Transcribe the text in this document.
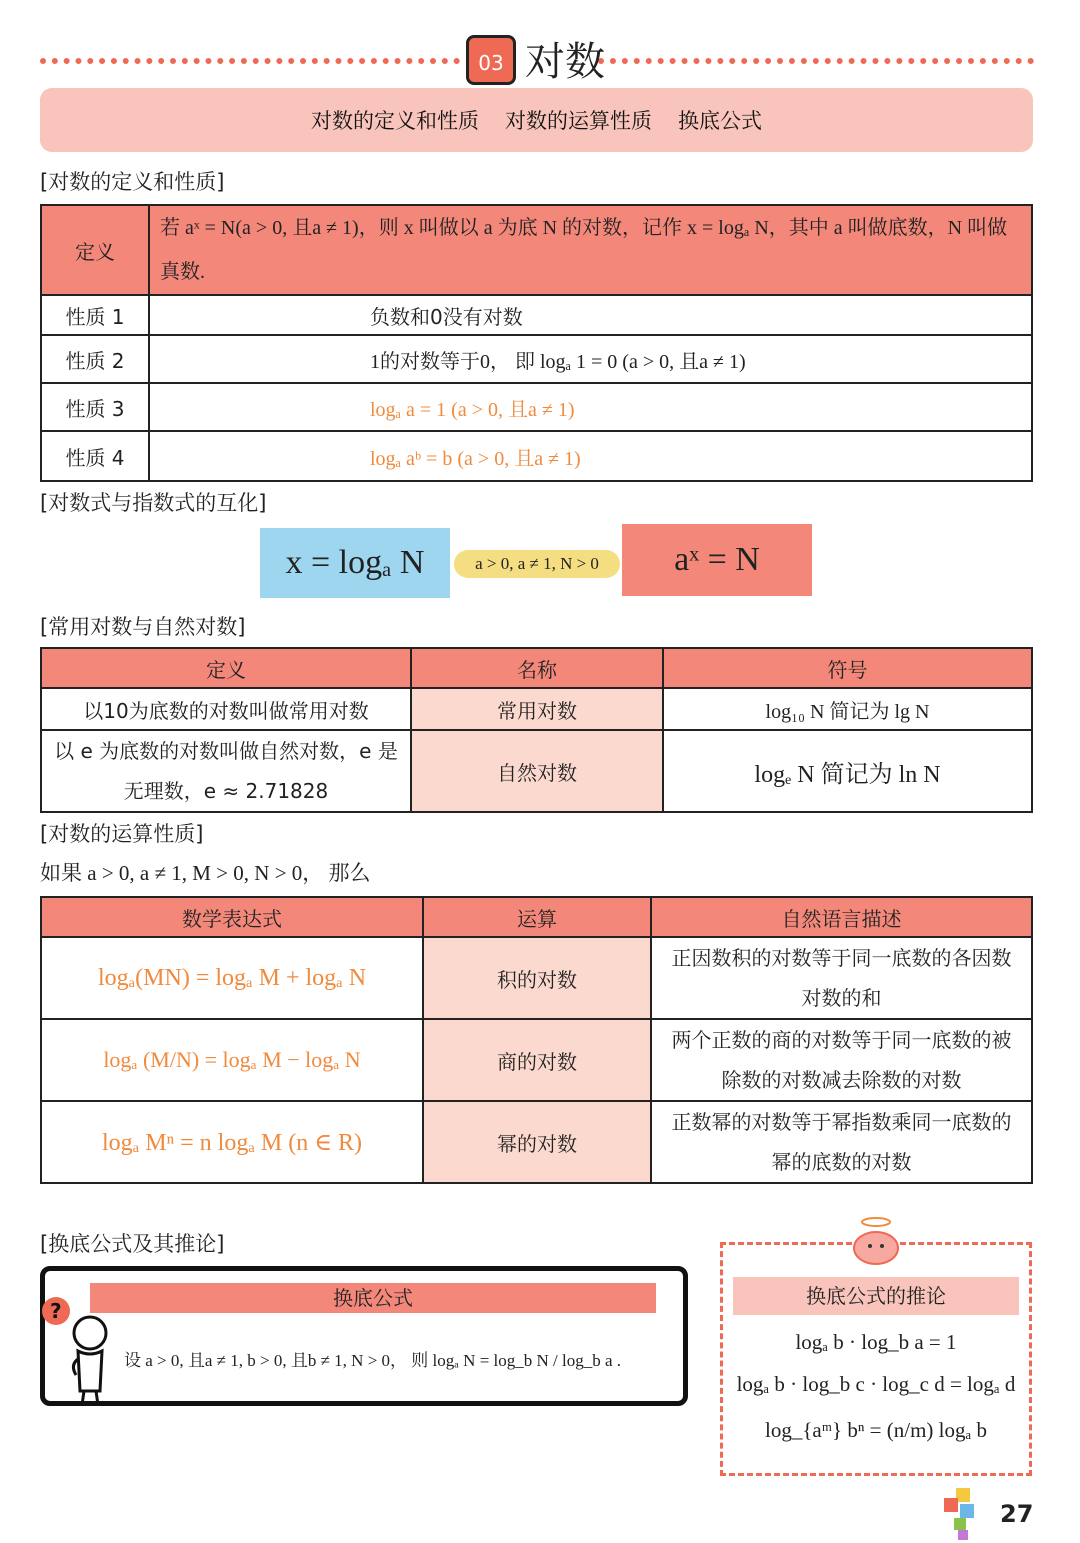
03 对数
对数的定义和性质 对数的运算性质 换底公式
[对数的定义和性质]
定义	若 aˣ = N(a > 0, 且a ≠ 1)，则 x 叫做以 a 为底 N 的对数，记作 x = logₐ N，其中 a 叫做底数，N 叫做真数.
性质 1	负数和0没有对数
性质 2	1的对数等于0， 即 logₐ 1 = 0 (a > 0, 且a ≠ 1)
性质 3	logₐ a = 1 (a > 0, 且a ≠ 1)
性质 4	logₐ aᵇ = b (a > 0, 且a ≠ 1)
[对数式与指数式的互化]
x = logₐ N	a > 0, a ≠ 1, N > 0	aˣ = N
[常用对数与自然对数]
定义	名称	符号
以10为底数的对数叫做常用对数	常用对数	log₁₀ N 简记为 lg N
以 e 为底数的对数叫做自然对数，e 是无理数，e ≈ 2.71828	自然对数	logₑ N 简记为 ln N
[对数的运算性质]
如果 a > 0, a ≠ 1, M > 0, N > 0， 那么
数学表达式	运算	自然语言描述
logₐ(MN) = logₐ M + logₐ N	积的对数	正因数积的对数等于同一底数的各因数对数的和
logₐ (M/N) = logₐ M − logₐ N	商的对数	两个正数的商的对数等于同一底数的被除数的对数减去除数的对数
logₐ Mⁿ = n logₐ M (n ∈ R)	幂的对数	正数幂的对数等于幂指数乘同一底数的幂的底数的对数
[换底公式及其推论]
换底公式
?
设 a > 0, 且a ≠ 1, b > 0, 且b ≠ 1, N > 0， 则 logₐ N = log_b N / log_b a .
换底公式的推论
logₐ b · log_b a = 1
logₐ b · log_b c · log_c d = logₐ d
log_{aᵐ} bⁿ = (n/m) logₐ b
27
